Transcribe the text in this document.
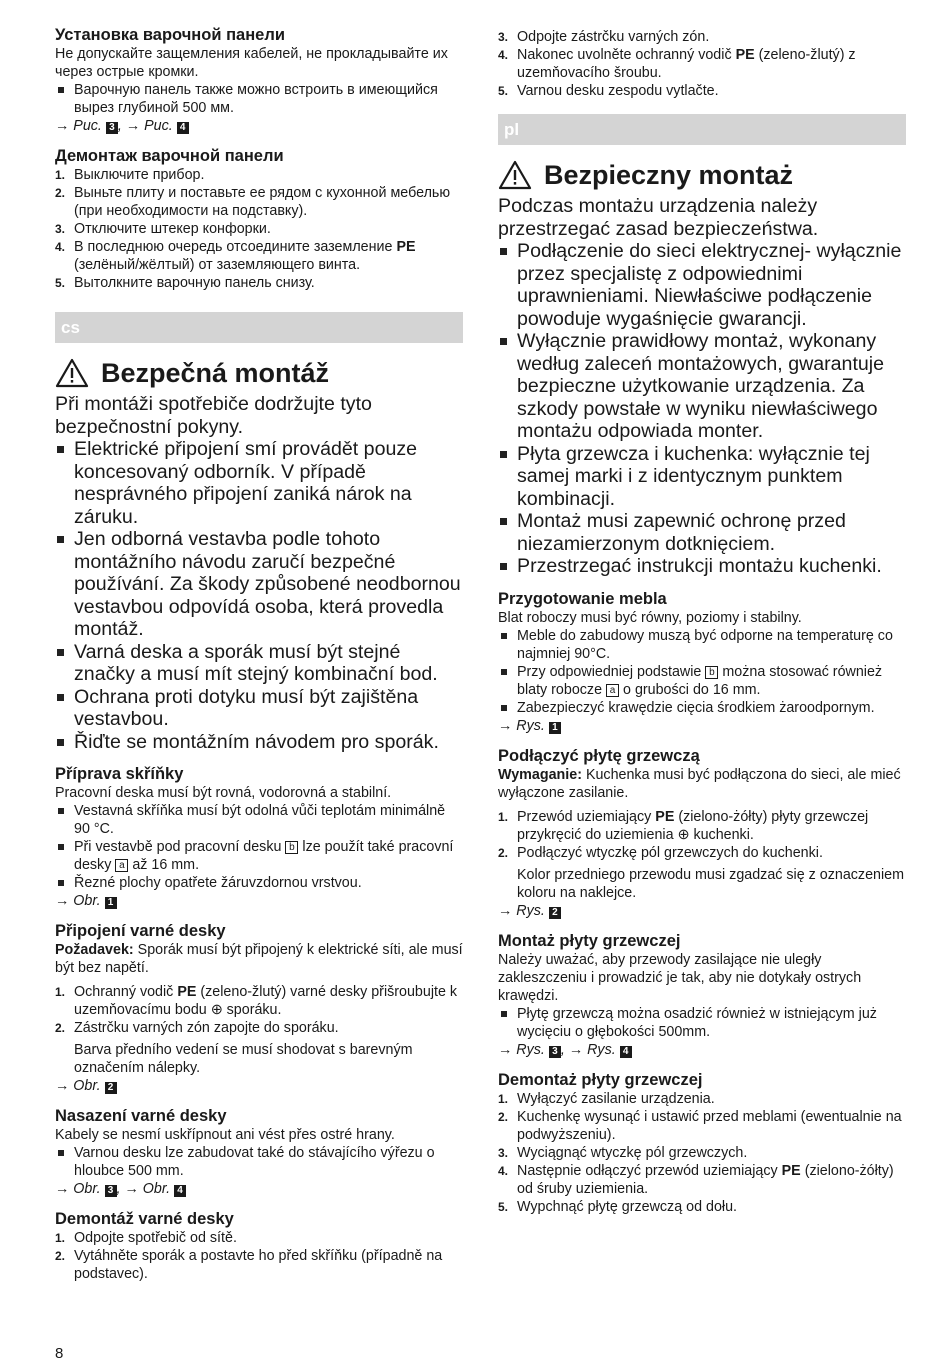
Установка варочной панели

Не допускайте защемления кабелей, не прокладывайте их через острые кромки.

Варочную панель также можно встроить в имеющийся вырез глубиной 500 мм.

→ Рис. 3 , → Рис. 4

Демонтаж варочной панели

1. Выключите прибор.
2. Выньте плиту и поставьте ее рядом с кухонной мебелью (при необходимости на подставку).
3. Отключите штекер конфорки.
4. В последнюю очередь отсоедините заземление PE (зелёный/жёлтый) от заземляющего винта.
5. Вытолкните варочную панель снизу.
cs

Bezpečná montáž

Při montáži spotřebiče dodržujte tyto bezpečnostní pokyny.

Elektrické připojení smí provádět pouze koncesovaný odborník. V případě nesprávného připojení zaniká nárok na záruku.
Jen odborná vestavba podle tohoto montážního návodu zaručí bezpečné používání. Za škody způsobené neodbornou vestavbou odpovídá osoba, která provedla montáž.
Varná deska a sporák musí být stejné značky a musí mít stejný kombinační bod.
Ochrana proti dotyku musí být zajištěna vestavbou.
Řiďte se montážním návodem pro sporák.

Příprava skříňky

Pracovní deska musí být rovná, vodorovná a stabilní.

Vestavná skříňka musí být odolná vůči teplotám minimálně 90 °C.
Při vestavbě pod pracovní desku b lze použít také pracovní desky a až 16 mm.
Řezné plochy opatřete žáruvzdornou vrstvou.

→ Obr. 1

Připojení varné desky

Požadavek: Sporák musí být připojený k elektrické síti, ale musí být bez napětí.

1. Ochranný vodič PE (zeleno-žlutý) varné desky přišroubujte k uzemňovacímu bodu ⊕ sporáku.
2. Zástrčku varných zón zapojte do sporáku.
Barva předního vedení se musí shodovat s barevným označením nálepky.

→ Obr. 2

Nasazení varné desky

Kabely se nesmí uskřípnout ani vést přes ostré hrany.

Varnou desku lze zabudovat také do stávajícího výřezu o hloubce 500 mm.

→ Obr. 3 , → Obr. 4

Demontáž varné desky

1. Odpojte spotřebič od sítě.
2. Vytáhněte sporák a postavte ho před skříňku (případně na podstavec).
3. Odpojte zástrčku varných zón.
4. Nakonec uvolněte ochranný vodič PE (zeleno-žlutý) z uzemňovacího šroubu.
5. Varnou desku zespodu vytlačte.
pl

Bezpieczny montaż

Podczas montażu urządzenia należy przestrzegać zasad bezpieczeństwa.

Podłączenie do sieci elektrycznej- wyłącznie przez specjalistę z odpowiednimi uprawnieniami. Niewłaściwe podłączenie powoduje wygaśnięcie gwarancji.
Wyłącznie prawidłowy montaż, wykonany według zaleceń montażowych, gwarantuje bezpieczne użytkowanie urządzenia. Za szkody powstałe w wyniku niewłaściwego montażu odpowiada monter.
Płyta grzewcza i kuchenka: wyłącznie tej samej marki i z identycznym punktem kombinacji.
Montaż musi zapewnić ochronę przed niezamierzonym dotknięciem.
Przestrzegać instrukcji montażu kuchenki.

Przygotowanie mebla

Blat roboczy musi być równy, poziomy i stabilny.

Meble do zabudowy muszą być odporne na temperaturę co najmniej 90°C.
Przy odpowiedniej podstawie b można stosować również blaty robocze a o grubości do 16 mm.
Zabezpieczyć krawędzie cięcia środkiem żaroodpornym.

→ Rys. 1

Podłączyć płytę grzewczą

Wymaganie: Kuchenka musi być podłączona do sieci, ale mieć wyłączone zasilanie.

1. Przewód uziemiający PE (zielono-żółty) płyty grzewczej przykręcić do uziemienia ⊕ kuchenki.
2. Podłączyć wtyczkę pól grzewczych do kuchenki.
Kolor przedniego przewodu musi zgadzać się z oznaczeniem koloru na naklejce.

→ Rys. 2

Montaż płyty grzewczej

Należy uważać, aby przewody zasilające nie uległy zakleszczeniu i prowadzić je tak, aby nie dotykały ostrych krawędzi.

Płytę grzewczą można osadzić również w istniejącym już wycięciu o głębokości 500mm.

→ Rys. 3 , → Rys. 4

Demontaż płyty grzewczej

1. Wyłączyć zasilanie urządzenia.
2. Kuchenkę wysunąć i ustawić przed meblami (ewentualnie na podwyższeniu).
3. Wyciągnąć wtyczkę pól grzewczych.
4. Następnie odłączyć przewód uziemiający PE (zielono-żółty) od śruby uziemienia.
5. Wypchnąć płytę grzewczą od dołu.
8
